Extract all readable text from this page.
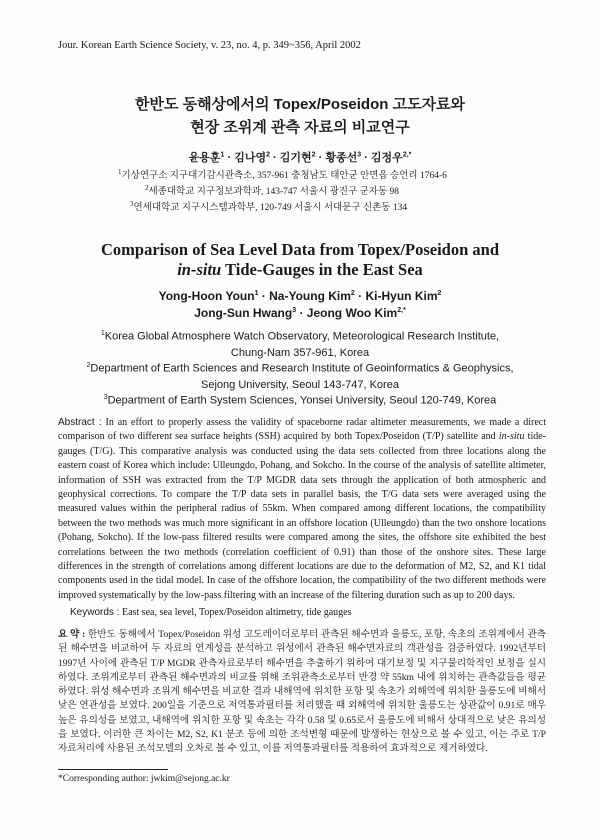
Jour. Korean Earth Science Society, v. 23, no. 4, p. 349~356, April 2002
한반도 동해상에서의 Topex/Poseidon 고도자료와
현장 조위계 관측 자료의 비교연구
윤용훈$^1$ · 김나영$^2$ · 김기현$^2$ · 황종선$^3$ · 김정우$^{2,*}$
$^1$기상연구소 지구대기감시관측소, 357-961 충청남도 태안군 안면읍 승언리 1764-6
$^2$세종대학교 지구정보과학과, 143-747 서울시 광진구 군자동 98
$^3$연세대학교 지구시스템과학부, 120-749 서울시 서대문구 신촌동 134
Comparison of Sea Level Data from Topex/Poseidon and
in-situ Tide-Gauges in the East Sea
Yong-Hoon Youn$^1$ · Na-Young Kim$^2$ · Ki-Hyun Kim$^2$
Jong-Sun Hwang$^3$ · Jeong Woo Kim$^{2,*}$
$^1$Korea Global Atmosphere Watch Observatory, Meteorological Research Institute,
Chung-Nam 357-961, Korea
$^2$Department of Earth Sciences and Research Institute of Geoinformatics & Geophysics,
Sejong University, Seoul 143-747, Korea
$^3$Department of Earth System Sciences, Yonsei University, Seoul 120-749, Korea
Abstract : In an effort to properly assess the validity of spaceborne radar altimeter measurements, we made a direct comparison of two different sea surface heights (SSH) acquired by both Topex/Poseidon (T/P) satellite and in-situ tide-gauges (T/G). This comparative analysis was conducted using the data sets collected from three locations along the eastern coast of Korea which include: Ulleungdo, Pohang, and Sokcho. In the course of the analysis of satellite altimeter, information of SSH was extracted from the T/P MGDR data sets through the application of both atmospheric and geophysical corrections. To compare the T/P data sets in parallel basis, the T/G data sets were averaged using the measured values within the peripheral radius of 55km. When compared among different locations, the compatibility between the two methods was much more significant in an offshore location (Ulleungdo) than the two onshore locations (Pohang, Sokcho). If the low-pass filtered results were compared among the sites, the offshore site exhibited the best correlations between the two methods (correlation coefficient of 0.91) than those of the onshore sites. These large differences in the strength of correlations among different locations are due to the deformation of M2, S2, and K1 tidal components used in the tidal model. In case of the offshore location, the compatibility of the two different methods were improved systematically by the low-pass filtering with an increase of the filtering duration such as up to 200 days.
Keywords : East sea, sea level, Topex/Poseidon altimetry, tide gauges
요 약 : 한반도 동해에서 Topex/Poseidon 위성 고도레이더로부터 관측된 해수면과 울릉도, 포항, 속초의 조위계에서 관측된 해수면을 비교하여 두 자료의 연계성을 분석하고 위성에서 관측된 해수면자료의 객관성을 검증하였다. 1992년부터 1997년 사이에 관측된 T/P MGDR 관측자료로부터 해수면을 추출하기 위하여 대기보정 및 지구물리학적인 보정을 실시하였다. 조위계로부터 관측된 해수면과의 비교를 위해 조위관측소로부터 반경 약 55km 내에 위치하는 관측값들을 평균하였다. 위성 해수면과 조위계 해수면을 비교한 결과 내해역에 위치한 포항 및 속초가 외해역에 위치한 울릉도에 비해서 낮은 연관성을 보였다. 200일을 기준으로 저역통과필터를 처리했을 때 외해역에 위치한 울릉도는 상관값이 0.91로 매우 높은 유의성을 보였고, 내해역에 위치한 포항 및 속초는 각각 0.58 및 0.65로서 울릉도에 비해서 상대적으로 낮은 유의성을 보였다. 이러한 큰 차이는 M2, S2, K1 분조 등에 의한 조석변형 때문에 발생하는 현상으로 볼 수 있고, 이는 주로 T/P 자료처리에 사용된 조석모델의 오차로 볼 수 있고, 이를 저역통과필터를 적용하여 효과적으로 제거하였다.
*Corresponding author: jwkim@sejong.ac.kr
